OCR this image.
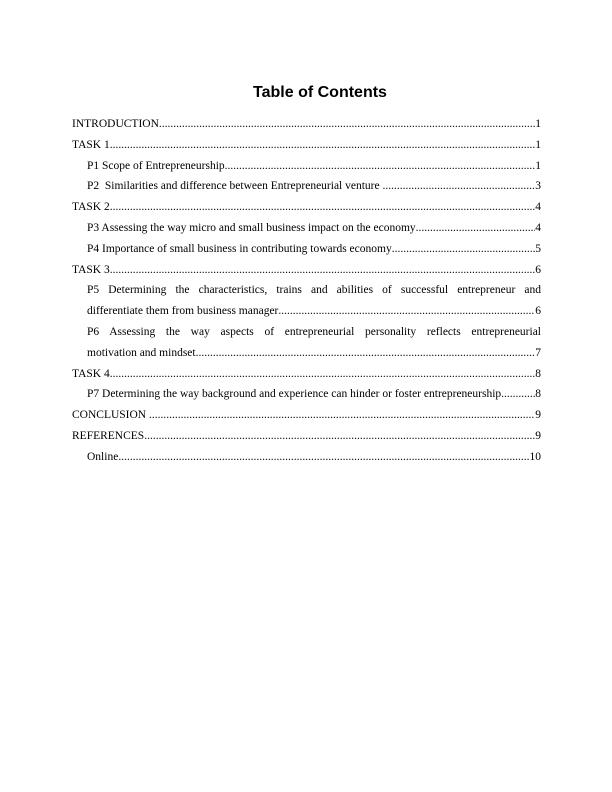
Table of Contents
INTRODUCTION .....	1
TASK 1 .....	1
P1 Scope of Entrepreneurship .....	1
P2  Similarities and difference between Entrepreneurial venture .....	3
TASK 2 .....	4
P3 Assessing the way micro and small business impact on the economy .....	4
P4 Importance of small business in contributing towards economy .....	5
TASK 3 .....	6
P5 Determining the characteristics, trains and abilities of successful entrepreneur and
differentiate them from business manager .....	6
P6 Assessing the way aspects of entrepreneurial personality reflects entrepreneurial
motivation and mindset .....	7
TASK 4 .....	8
P7 Determining the way background and experience can hinder or foster entrepreneurship .....	8
CONCLUSION .....	9
REFERENCES .....	9
Online .....	10
